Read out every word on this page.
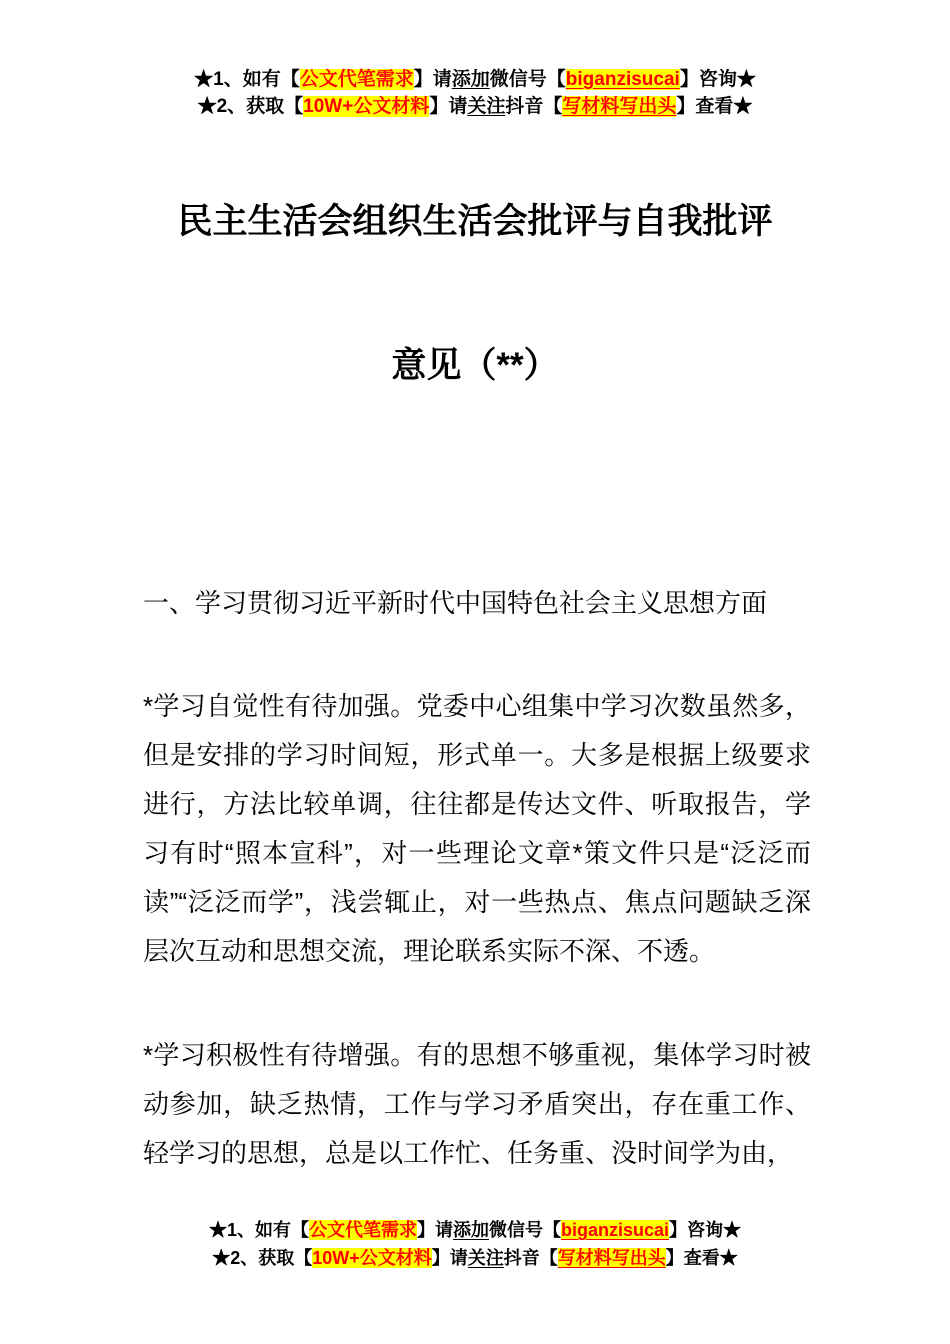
★1、如有【公文代笔需求】请添加微信号【biganzisucai】咨询★
★2、获取【10W+公文材料】请关注抖音【写材料写出头】查看★
民主生活会组织生活会批评与自我批评
意见（**）
一、学习贯彻习近平新时代中国特色社会主义思想方面

*学习自觉性有待加强。党委中心组集中学习次数虽然多，但是安排的学习时间短，形式单一。大多是根据上级要求进行，方法比较单调，往往都是传达文件、听取报告，学习有时“照本宣科”，对一些理论文章*策文件只是“泛泛而读”“泛泛而学”，浅尝辄止，对一些热点、焦点问题缺乏深层次互动和思想交流，理论联系实际不深、不透。

*学习积极性有待增强。有的思想不够重视，集体学习时被动参加，缺乏热情，工作与学习矛盾突出，存在重工作、轻学习的思想，总是以工作忙、任务重、没时间学为由，

★1、如有【公文代笔需求】请添加微信号【biganzisucai】咨询★
★2、获取【10W+公文材料】请关注抖音【写材料写出头】查看★
